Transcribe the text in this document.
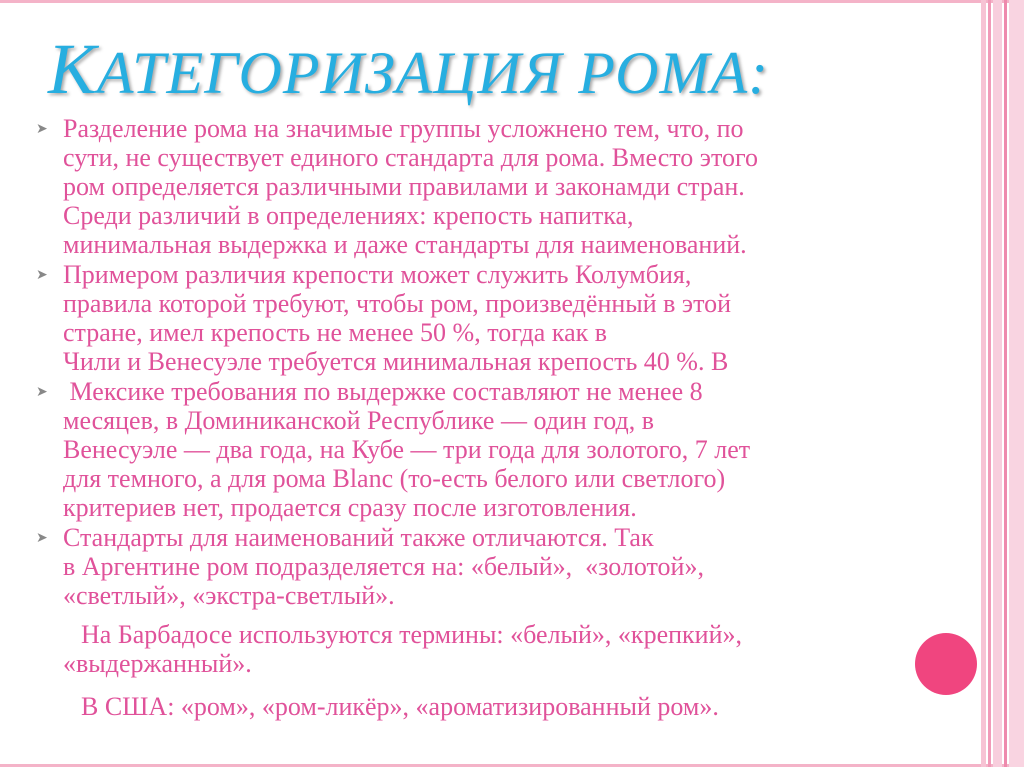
КАТЕГОРИЗАЦИЯ РОМА:
➤ Разделение рома на значимые группы усложнено тем, что, по
сути, не существует единого стандарта для рома. Вместо этого
ром определяется различными правилами и законамди стран.
Среди различий в определениях: крепость напитка,
минимальная выдержка и даже стандарты для наименований.
➤ Примером различия крепости может служить Колумбия,
правила которой требуют, чтобы ром, произведённый в этой
стране, имел крепость не менее 50 %, тогда как в
Чили и Венесуэле требуется минимальная крепость 40 %. В
➤ Мексике требования по выдержке составляют не менее 8
месяцев, в Доминиканской Республике — один год, в
Венесуэле — два года, на Кубе — три года для золотого, 7 лет
для темного, а для рома Blanc (то-есть белого или светлого)
критериев нет, продается сразу после изготовления.
➤ Стандарты для наименований также отличаются. Так
в Аргентине ром подразделяется на: «белый»,  «золотой»,
«светлый», «экстра-светлый».
На Барбадосе используются термины: «белый», «крепкий»,
«выдержанный».
В США: «ром», «ром-ликёр», «ароматизированный ром».
